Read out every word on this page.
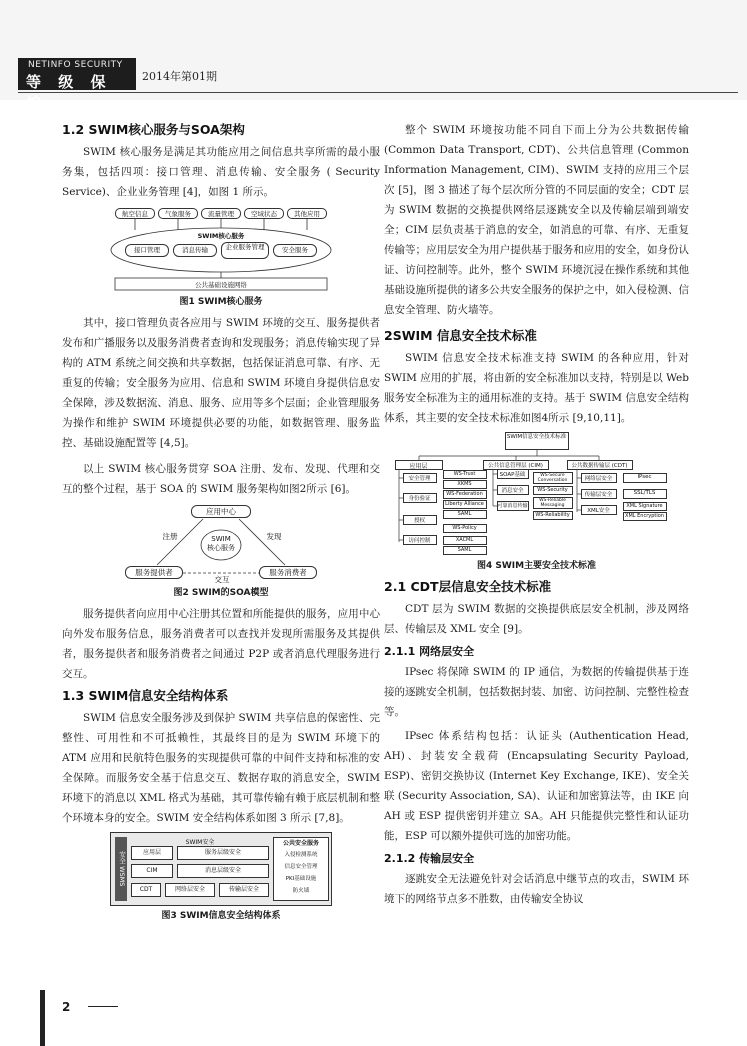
NETINFO SECURITY
等 级 保 护
2014年第01期
1.2 SWIM核心服务与SOA架构

SWIM 核心服务是满足其功能应用之间信息共享所需的最小服务集，包括四项：接口管理、消息传输、安全服务 ( Security Service)、企业业务管理 [4]，如图 1 所示。

航空信息	气象服务	流量管理	空域状态	其他应用
SWIM核心服务
接口管理	消息传输	企业服务管理	安全服务
公共基础设施网络
图1 SWIM核心服务

其中，接口管理负责各应用与 SWIM 环境的交互、服务提供者发布和广播服务以及服务消费者查询和发现服务；消息传输实现了异构的 ATM 系统之间交换和共享数据，包括保证消息可靠、有序、无重复的传输；安全服务为应用、信息和 SWIM 环境自身提供信息安全保障，涉及数据流、消息、服务、应用等多个层面；企业管理服务为操作和维护 SWIM 环境提供必要的功能，如数据管理、服务监控、基础设施配置等 [4,5]。

以上 SWIM 核心服务贯穿 SOA 注册、发布、发现、代理和交互的整个过程，基于 SOA 的 SWIM 服务架构如图2所示 [6]。

应用中心
SWIM
核心服务
服务提供者	服务消费者
注册	发现
交互
图2 SWIM的SOA模型

服务提供者向应用中心注册其位置和所能提供的服务，应用中心向外发布服务信息，服务消费者可以查找并发现所需服务及其提供者，服务提供者和服务消费者之间通过 P2P 或者消息代理服务进行交互。

1.3 SWIM信息安全结构体系

SWIM 信息安全服务涉及到保护 SWIM 共享信息的保密性、完整性、可用性和不可抵赖性，其最终目的是为 SWIM 环境下的 ATM 应用和民航特色服务的实现提供可靠的中间件支持和标准的安全保障。而服务安全基于信息交互、数据存取的消息安全，SWIM 环境下的消息以 XML 格式为基础，其可靠传输有赖于底层机制和整个环境本身的安全。SWIM 安全结构体系如图 3 所示 [7,8]。

安全 WSMS
SWIM安全
应用层	服务层级安全
CIM	消息层级安全
CDT	网络层安全	传输层安全
公共安全服务
入侵检测系统
信息安全管理
PKI基础设施
防火墙
图3 SWIM信息安全结构体系

整个 SWIM 环境按功能不同自下而上分为公共数据传输 (Common Data Transport, CDT)、公共信息管理 (Common Information Management, CIM)、SWIM 支持的应用三个层次 [5]，图 3 描述了每个层次所分管的不同层面的安全；CDT 层为 SWIM 数据的交换提供网络层逐跳安全以及传输层端到端安全；CIM 层负责基于消息的安全，如消息的可靠、有序、无重复传输等；应用层安全为用户提供基于服务和应用的安全，如身份认证、访问控制等。此外，整个 SWIM 环境沉浸在操作系统和其他基础设施所提供的诸多公共安全服务的保护之中，如入侵检测、信息安全管理、防火墙等。

2SWIM 信息安全技术标准

SWIM 信息安全技术标准支持 SWIM 的各种应用，针对 SWIM 应用的扩展，将由新的安全标准加以支持，特别是以 Web 服务安全标准为主的通用标准的支持。基于 SWIM 信息安全结构体系，其主要的安全技术标准如图4所示 [9,10,11]。

SWIM信息安全技术标准
应用层	公共信息管理层 (CIM)	公共数据传输层 (CDT)
安全管理
身份验证
授权
访问控制
WS-Trust
XKMS
WS-Federation
Liberty Alliance
SAML
WS-Policy
XACML
SAML
SOAP基础
消息安全
可靠消息传输
WS-Secure Conversation
WS-Security
WS-Reliable Messaging
WS-Reliability
网络层安全
传输层安全
XML安全
IPsec
SSL/TLS
XML Signature
XML Encryption
图4 SWIM主要安全技术标准
2.1 CDT层信息安全技术标准

CDT 层为 SWIM 数据的交换提供底层安全机制，涉及网络层、传输层及 XML 安全 [9]。

2.1.1 网络层安全

IPsec 将保障 SWIM 的 IP 通信，为数据的传输提供基于连接的逐跳安全机制，包括数据封装、加密、访问控制、完整性检查等。

IPsec 体系结构包括：认证头 (Authentication Head, AH)、封装安全载荷 (Encapsulating Security Payload, ESP)、密钥交换协议 (Internet Key Exchange, IKE)、安全关联 (Security Association, SA)、认证和加密算法等，由 IKE 向 AH 或 ESP 提供密钥并建立 SA。AH 只能提供完整性和认证功能，ESP 可以额外提供可选的加密功能。

2.1.2 传输层安全

逐跳安全无法避免针对会话消息中继节点的攻击，SWIM 环境下的网络节点多不胜数，由传输安全协议

2
